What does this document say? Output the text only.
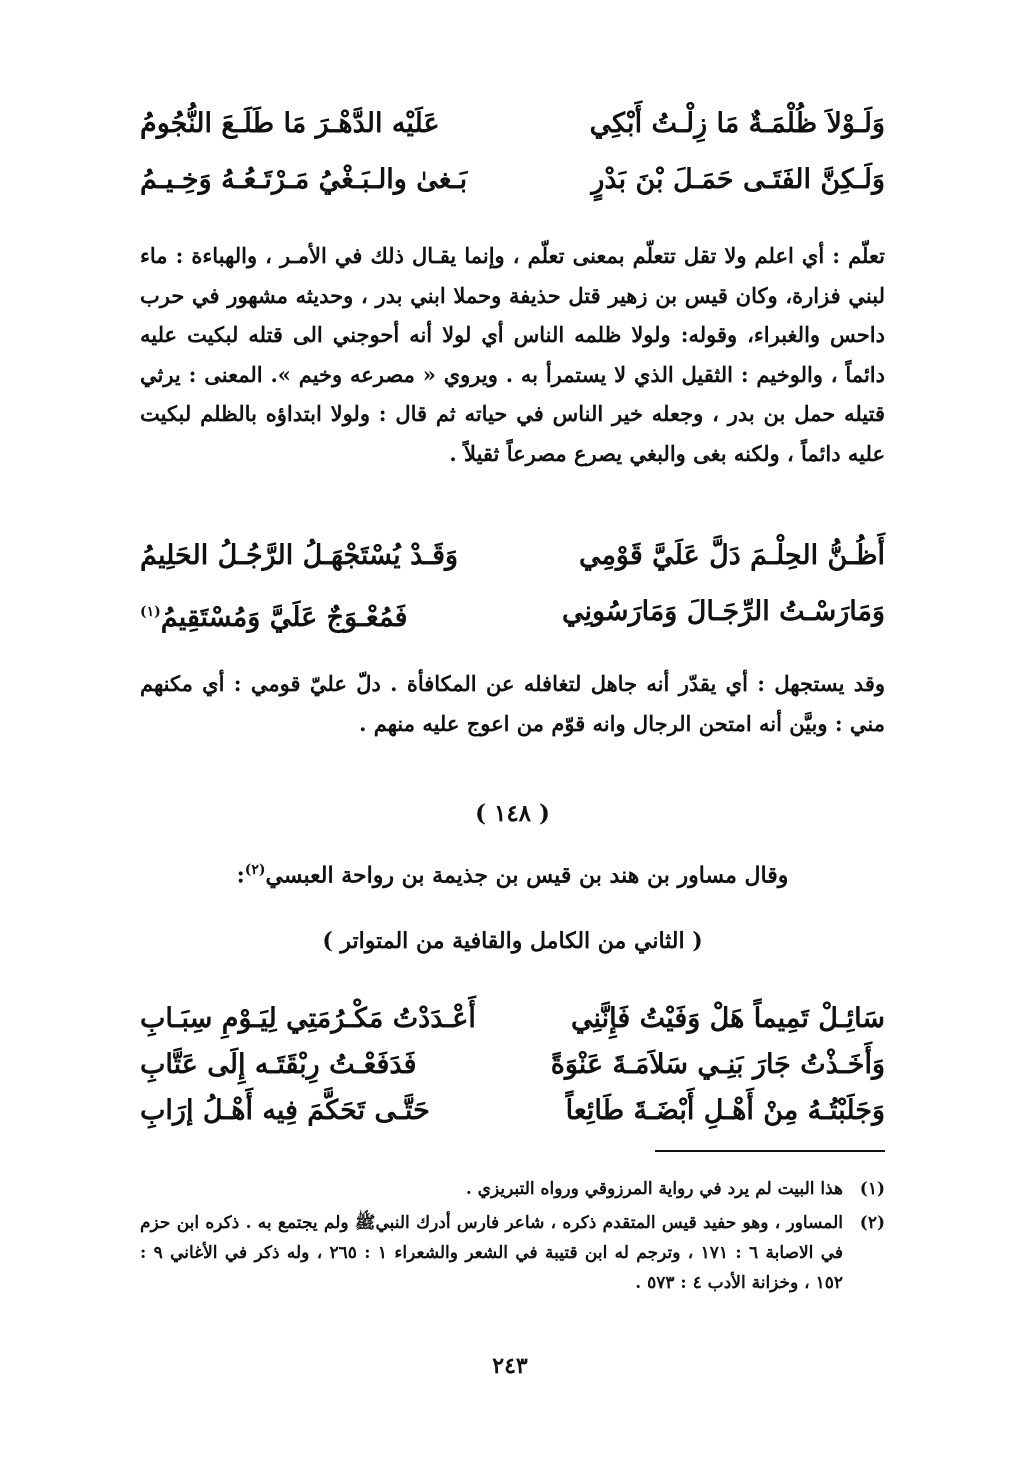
وَلَـوْلاَ ظُلْمَـةٌ مَا زِلْـتُ أَبْكِي
عَلَيْه الدَّهْـرَ مَا طَلَـعَ النُّجُومُ
وَلَـكِنَّ الفَتَـى حَمَـلَ بْنَ بَدْرٍ
بَـغىٰ والـبَـغْيُ مَـرْتَـعُـهُ وَخِـيـمُ

تعلّم : أي اعلم ولا تقل تتعلّم بمعنى تعلّم ، وإنما يقـال ذلك في الأمـر ، والهباءة : ماء لبني فزارة، وكان قيس بن زهير قتل حذيفة وحملا ابني بدر ، وحديثه مشهور في حرب داحس والغبراء، وقوله: ولولا ظلمه الناس أي لولا أنه أحوجني الى قتله لبكيت عليه دائماً ، والوخيم : الثقيل الذي لا يستمرأ به . ويروي « مصرعه وخيم ». المعنى : يرثي قتيله حمل بن بدر ، وجعله خير الناس في حياته ثم قال : ولولا ابتداؤه بالظلم لبكيت عليه دائماً ، ولكنه بغى والبغي يصرع مصرعاً ثقيلاً .

أَظُـنُّ الحِلْـمَ دَلَّ عَلَيَّ قَوْمِي
وَقَـدْ يُسْتَجْهَـلُ الرَّجُـلُ الحَلِيمُ
وَمَارَسْـتُ الرِّجَـالَ وَمَارَسُونِي
فَمُعْـوَجٌ عَلَيَّ وَمُسْتَقِيمُ$^{(١)}$

وقد يستجهل : أي يقدّر أنه جاهل لتغافله عن المكافأة . دلّ عليّ قومي : أي مكنهم مني : وبيَّن أنه امتحن الرجال وانه قوّم من اعوج عليه منهم .

( ١٤٨ )
وقال مساور بن هند بن قيس بن جذيمة بن رواحة العبسي$^{(٢)}$:
( الثاني من الكامل والقافية من المتواتر )
سَائِـلْ تَمِيماً هَلْ وَفَيْتُ فَإِنَّنِي
أَعْـدَدْتُ مَكْـرُمَتِي لِيَـوْمِ سِبَـابِ
وَأَخَـذْتُ جَارَ بَنِـي سَلاَمَـةَ عَنْوَةً
فَدَفَعْـتُ رِبْقَتَـه إِلَى عَتَّابِ
وَجَلَبْتُـهُ مِنْ أَهْـلِ أَبْضَـةَ طَائِعاً
حَتَّـى تَحَكَّمَ فِيه أَهْـلُ إرَابِ
(١)
هذا البيت لم يرد في رواية المرزوقي ورواه التبريزي .
(٢)
المساور ، وهو حفيد قيس المتقدم ذكره ، شاعر فارس أدرك النبيﷺ ولم يجتمع به . ذكره ابن حزم في الاصابة ٦ : ١٧١ ، وترجم له ابن قتيبة في الشعر والشعراء ١ : ٢٦٥ ، وله ذكر في الأغاني ٩ : ١٥٢ ، وخزانة الأدب ٤ : ٥٧٣ .
٢٤٣
